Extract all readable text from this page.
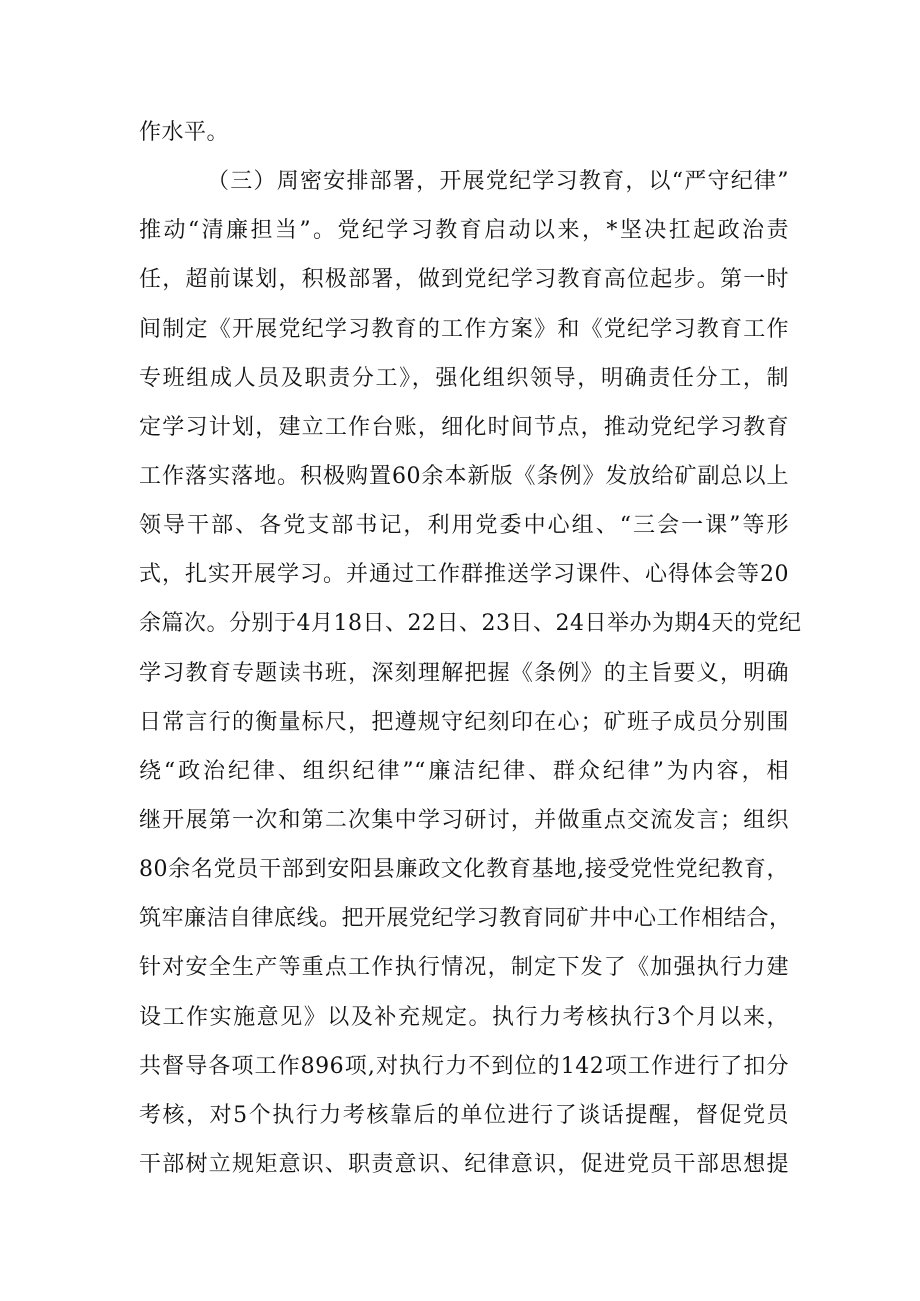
作水平。
（三）周密安排部署，开展党纪学习教育，以“严守纪律”
推动“清廉担当”。党纪学习教育启动以来，*坚决扛起政治责
任，超前谋划，积极部署，做到党纪学习教育高位起步。第一时
间制定《开展党纪学习教育的工作方案》和《党纪学习教育工作
专班组成人员及职责分工》，强化组织领导，明确责任分工，制
定学习计划，建立工作台账，细化时间节点，推动党纪学习教育
工作落实落地。积极购置60余本新版《条例》发放给矿副总以上
领导干部、各党支部书记，利用党委中心组、“三会一课”等形
式，扎实开展学习。并通过工作群推送学习课件、心得体会等20
余篇次。分别于4月18日、22日、23日、24日举办为期4天的党纪
学习教育专题读书班，深刻理解把握《条例》的主旨要义，明确
日常言行的衡量标尺，把遵规守纪刻印在心；矿班子成员分别围
绕“政治纪律、组织纪律”“廉洁纪律、群众纪律”为内容，相
继开展第一次和第二次集中学习研讨，并做重点交流发言；组织
80余名党员干部到安阳县廉政文化教育基地,接受党性党纪教育，
筑牢廉洁自律底线。把开展党纪学习教育同矿井中心工作相结合，
针对安全生产等重点工作执行情况，制定下发了《加强执行力建
设工作实施意见》以及补充规定。执行力考核执行3个月以来，
共督导各项工作896项,对执行力不到位的142项工作进行了扣分
考核，对5个执行力考核靠后的单位进行了谈话提醒，督促党员
干部树立规矩意识、职责意识、纪律意识，促进党员干部思想提
